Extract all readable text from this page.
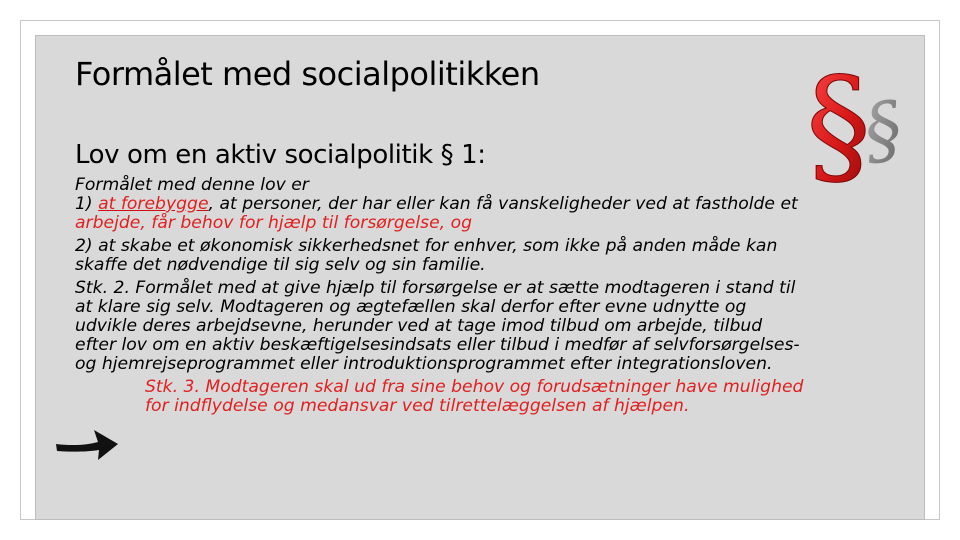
Formålet med socialpolitikken
Lov om en aktiv socialpolitik § 1:	§
§

Formålet med denne lov er

1) at forebygge, at personer, der har eller kan få vanskeligheder ved at fastholde et

arbejde, får behov for hjælp til forsørgelse, og

2) at skabe et økonomisk sikkerhedsnet for enhver, som ikke på anden måde kan

skaffe det nødvendige til sig selv og sin familie.

Stk. 2. Formålet med at give hjælp til forsørgelse er at sætte modtageren i stand til

at klare sig selv. Modtageren og ægtefællen skal derfor efter evne udnytte og

udvikle deres arbejdsevne, herunder ved at tage imod tilbud om arbejde, tilbud

efter lov om en aktiv beskæftigelsesindsats eller tilbud i medfør af selvforsørgelses-

og hjemrejseprogrammet eller introduktionsprogrammet efter integrationsloven.

Stk. 3. Modtageren skal ud fra sine behov og forudsætninger have mulighed

for indflydelse og medansvar ved tilrettelæggelsen af hjælpen.
